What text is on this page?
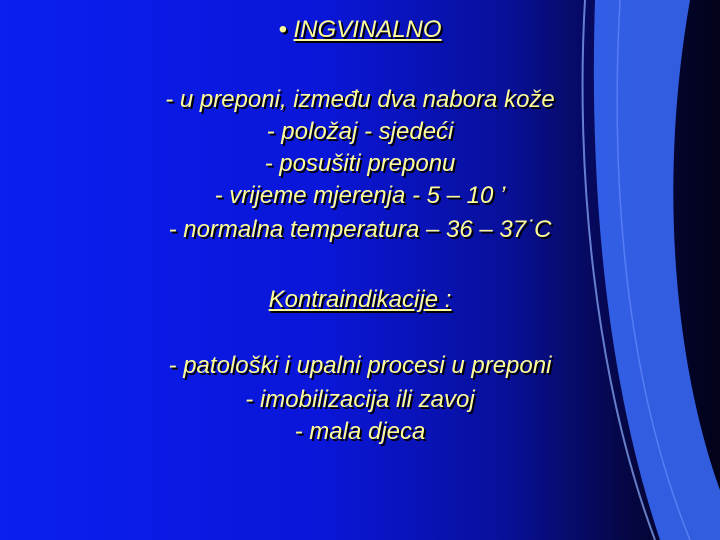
• INGVINALNO
- u preponi, između dva nabora kože
- položaj - sjedeći
- posušiti preponu
- vrijeme mjerenja - 5 – 10 ’
- normalna temperatura – 36 – 37˙C
Kontraindikacije :
- patološki i upalni procesi u preponi
- imobilizacija ili zavoj
- mala djeca
